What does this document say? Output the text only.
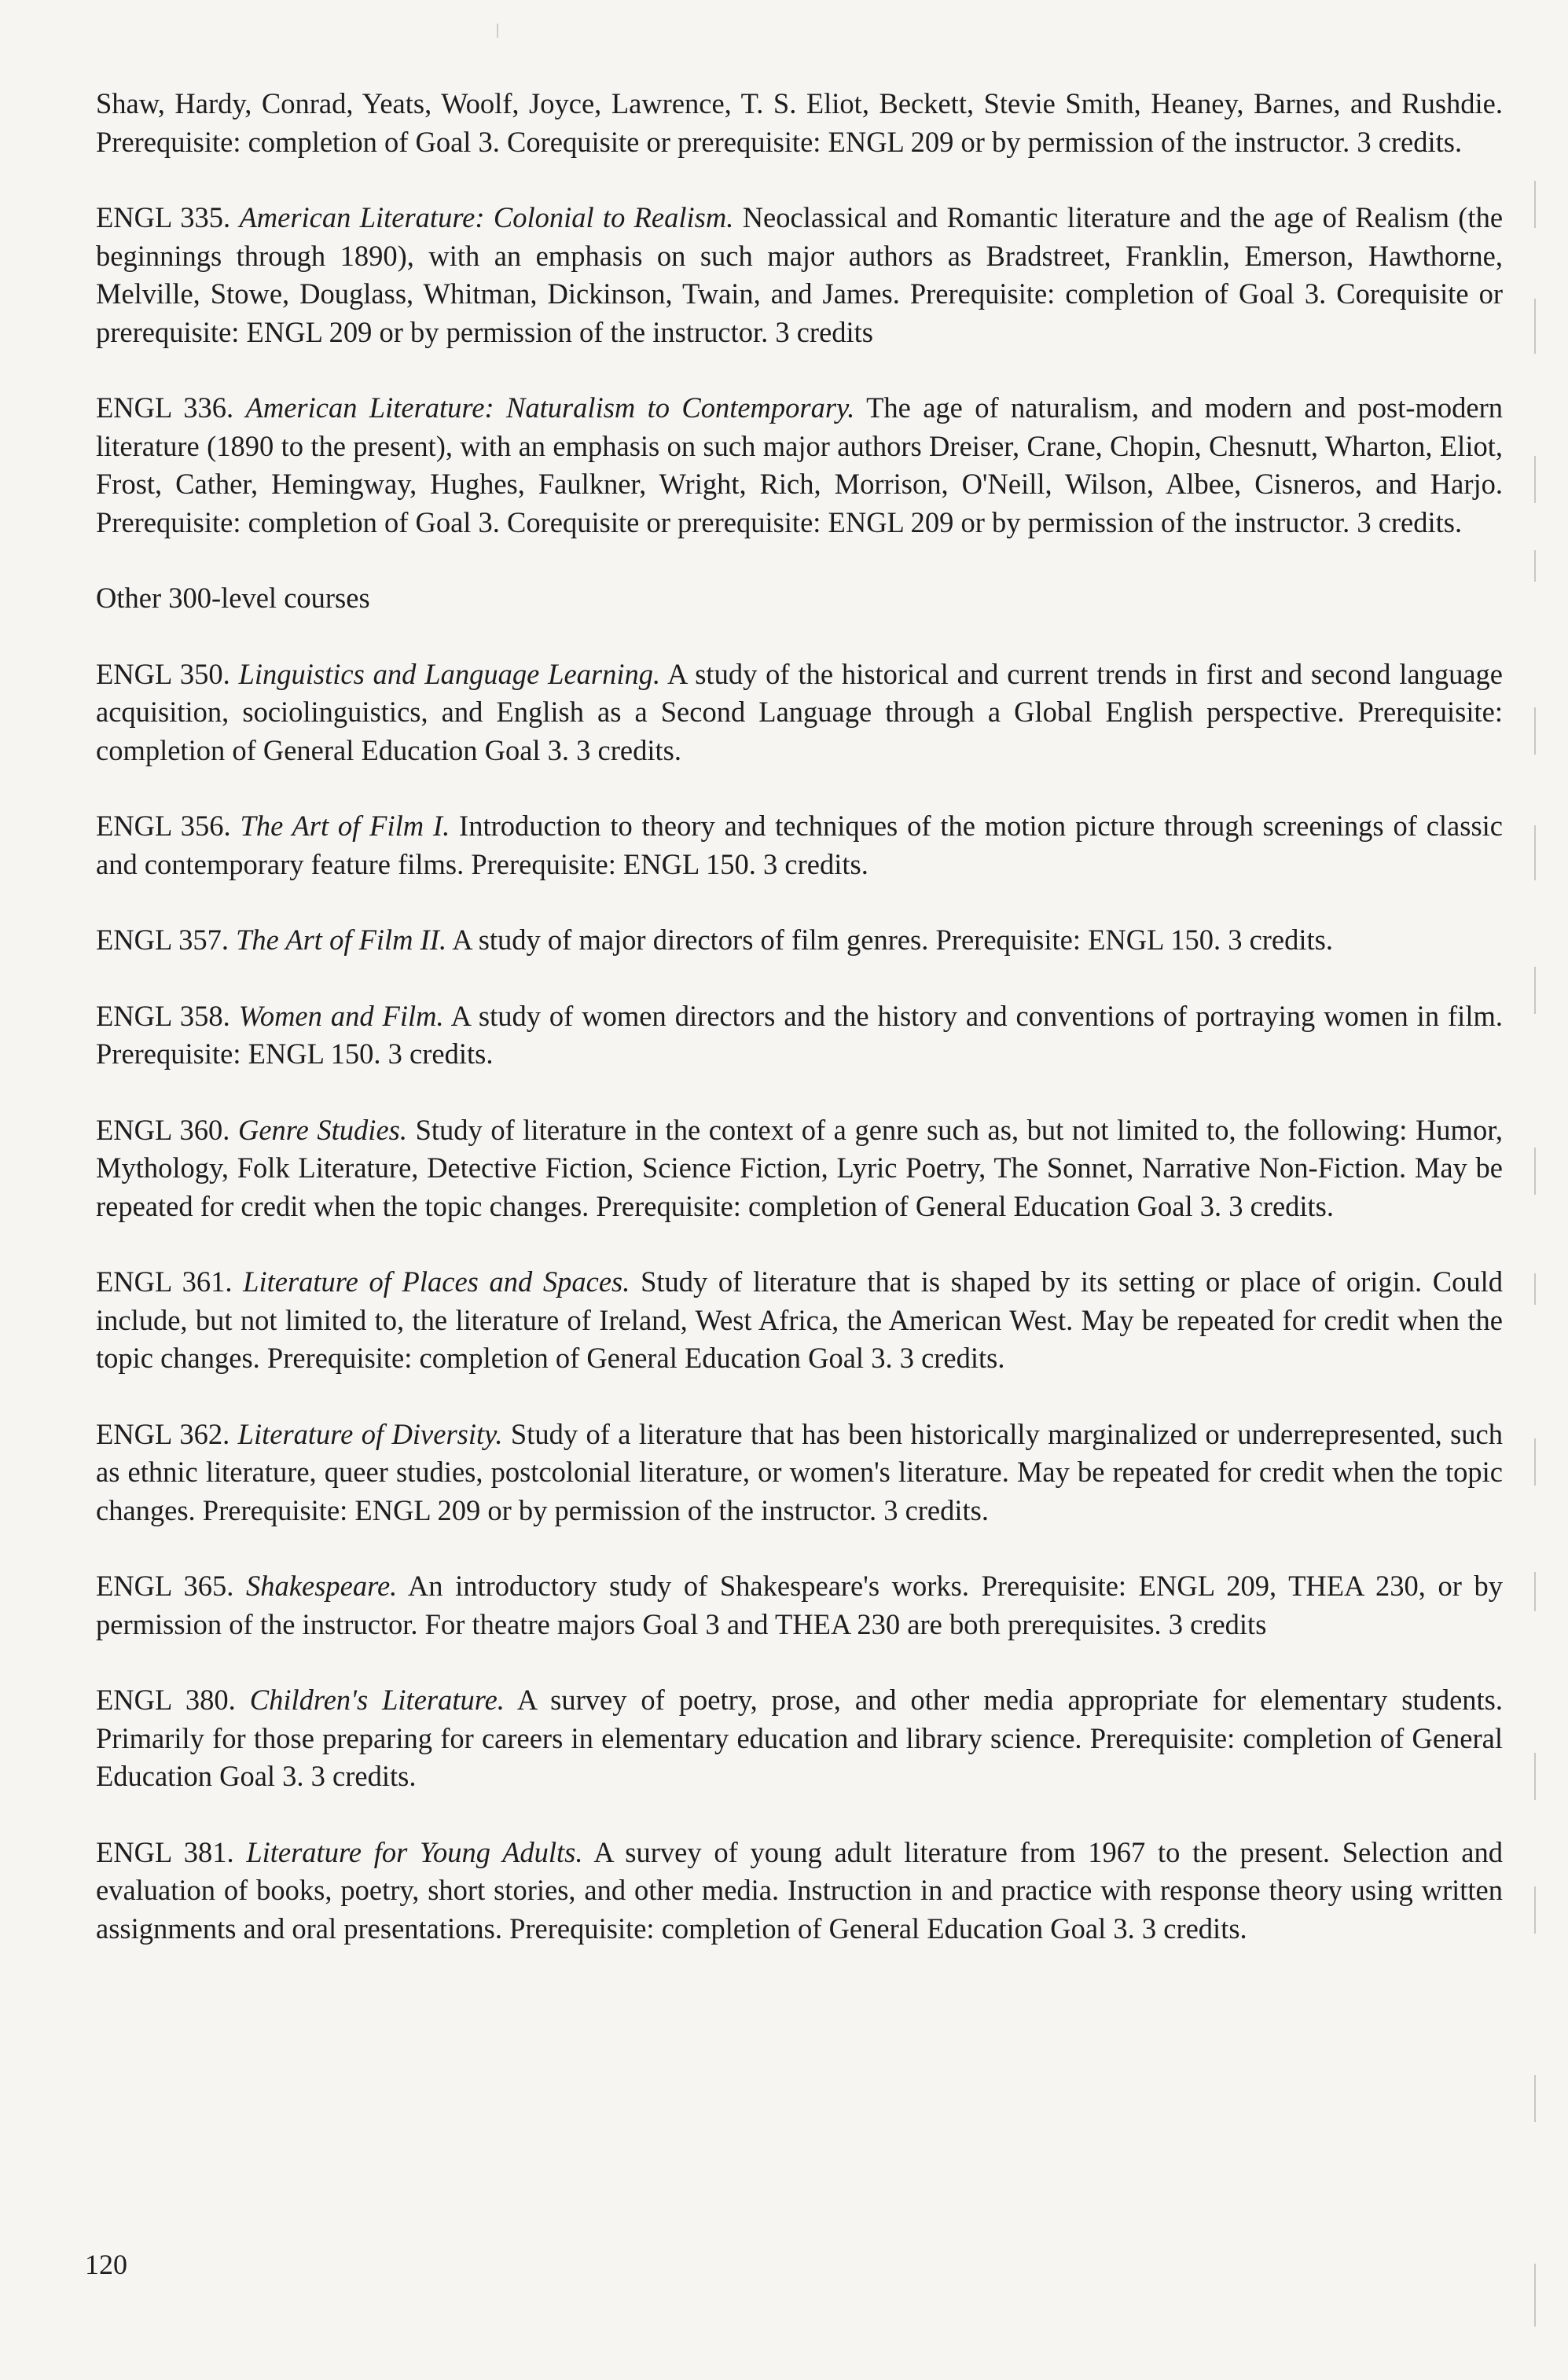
Shaw, Hardy, Conrad, Yeats, Woolf, Joyce, Lawrence, T. S. Eliot, Beckett, Stevie Smith, Heaney, Barnes, and Rushdie. Prerequisite: completion of Goal 3. Corequisite or prerequisite: ENGL 209 or by permission of the instructor. 3 credits.

ENGL 335. American Literature: Colonial to Realism. Neoclassical and Romantic literature and the age of Realism (the beginnings through 1890), with an emphasis on such major authors as Bradstreet, Franklin, Emerson, Hawthorne, Melville, Stowe, Douglass, Whitman, Dickinson, Twain, and James. Prerequisite: completion of Goal 3. Corequisite or prerequisite: ENGL 209 or by permission of the instructor. 3 credits

ENGL 336. American Literature: Naturalism to Contemporary. The age of naturalism, and modern and post-modern literature (1890 to the present), with an emphasis on such major authors Dreiser, Crane, Chopin, Chesnutt, Wharton, Eliot, Frost, Cather, Hemingway, Hughes, Faulkner, Wright, Rich, Morrison, O'Neill, Wilson, Albee, Cisneros, and Harjo. Prerequisite: completion of Goal 3. Corequisite or prerequisite: ENGL 209 or by permission of the instructor. 3 credits.

Other 300-level courses

ENGL 350. Linguistics and Language Learning. A study of the historical and current trends in first and second language acquisition, sociolinguistics, and English as a Second Language through a Global English perspective. Prerequisite: completion of General Education Goal 3. 3 credits.

ENGL 356. The Art of Film I. Introduction to theory and techniques of the motion picture through screenings of classic and contemporary feature films. Prerequisite: ENGL 150. 3 credits.

ENGL 357. The Art of Film II. A study of major directors of film genres. Prerequisite: ENGL 150. 3 credits.

ENGL 358. Women and Film. A study of women directors and the history and conventions of portraying women in film. Prerequisite: ENGL 150. 3 credits.

ENGL 360. Genre Studies. Study of literature in the context of a genre such as, but not limited to, the following: Humor, Mythology, Folk Literature, Detective Fiction, Science Fiction, Lyric Poetry, The Sonnet, Narrative Non-Fiction. May be repeated for credit when the topic changes. Prerequisite: completion of General Education Goal 3. 3 credits.

ENGL 361. Literature of Places and Spaces. Study of literature that is shaped by its setting or place of origin. Could include, but not limited to, the literature of Ireland, West Africa, the American West. May be repeated for credit when the topic changes. Prerequisite: completion of General Education Goal 3. 3 credits.

ENGL 362. Literature of Diversity. Study of a literature that has been historically marginalized or underrepresented, such as ethnic literature, queer studies, postcolonial literature, or women's literature. May be repeated for credit when the topic changes. Prerequisite: ENGL 209 or by permission of the instructor. 3 credits.

ENGL 365. Shakespeare. An introductory study of Shakespeare's works. Prerequisite: ENGL 209, THEA 230, or by permission of the instructor. For theatre majors Goal 3 and THEA 230 are both prerequisites. 3 credits

ENGL 380. Children's Literature. A survey of poetry, prose, and other media appropriate for elementary students. Primarily for those preparing for careers in elementary education and library science. Prerequisite: completion of General Education Goal 3. 3 credits.

ENGL 381. Literature for Young Adults. A survey of young adult literature from 1967 to the present. Selection and evaluation of books, poetry, short stories, and other media. Instruction in and practice with response theory using written assignments and oral presentations. Prerequisite: completion of General Education Goal 3. 3 credits.

120
